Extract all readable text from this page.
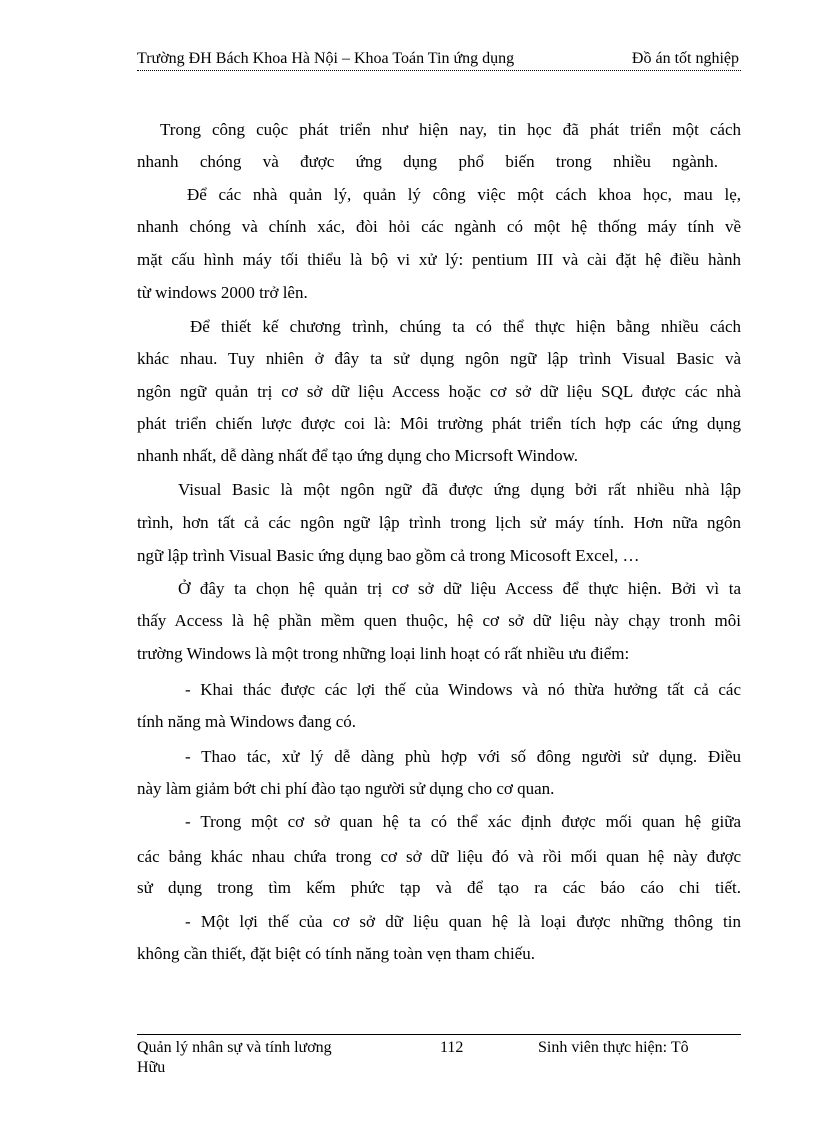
Trường ĐH Bách Khoa Hà Nội – Khoa Toán Tin ứng dụng	Đồ án tốt nghiệp
Trong công cuộc phát triển như hiện nay, tin học đã phát triển một cách
nhanh chóng và được ứng dụng phổ biến trong nhiều ngành.
Để các nhà quản lý, quản lý công việc một cách khoa học, mau lẹ,
nhanh chóng và chính xác, đòi hỏi các ngành có một hệ thống máy tính về
mặt cấu hình máy tối thiểu là bộ vi xử lý: pentium III và cài đặt hệ điều hành
từ windows 2000 trở lên.
Để thiết kế chương trình, chúng ta có thể thực hiện bằng nhiều cách
khác nhau. Tuy nhiên ở đây ta sử dụng ngôn ngữ lập trình Visual Basic và
ngôn ngữ quản trị cơ sở dữ liệu Access hoặc cơ sở dữ liệu SQL được các nhà
phát triển chiến lược được coi là: Môi trường phát triển tích hợp các ứng dụng
nhanh nhất, dễ dàng nhất để tạo ứng dụng cho Micrsoft Window.
Visual Basic là một ngôn ngữ đã được ứng dụng bởi rất nhiều nhà lập
trình, hơn tất cả các ngôn ngữ lập trình trong lịch sử máy tính. Hơn nữa ngôn
ngữ lập trình Visual Basic ứng dụng bao gồm cả trong Micosoft Excel, …
Ở đây ta chọn hệ quản trị cơ sở dữ liệu Access để thực hiện. Bởi vì ta
thấy Access là hệ phần mềm quen thuộc, hệ cơ sở dữ liệu này chạy tronh môi
trường Windows là một trong những loại linh hoạt có rất nhiều ưu điểm:
- Khai thác được các lợi thế của Windows và nó thừa hưởng tất cả các
tính năng mà Windows đang có.
- Thao tác, xử lý dễ dàng phù hợp với số đông người sử dụng. Điều
này làm giảm bớt chi phí đào tạo người sử dụng cho cơ quan.
- Trong một cơ sở quan hệ ta có thể xác định được mối quan hệ giữa
các bảng khác nhau chứa trong cơ sở dữ liệu đó và rồi mối quan hệ này được
sử dụng trong tìm kếm phức tạp và để tạo ra các báo cáo chi tiết.
- Một lợi thế của cơ sở dữ liệu quan hệ là loại được những thông tin
không cần thiết, đặt biệt có tính năng toàn vẹn tham chiếu.
Quản lý nhân sự và tính lương	112	Sinh viên thực hiện: Tô
Hữu
